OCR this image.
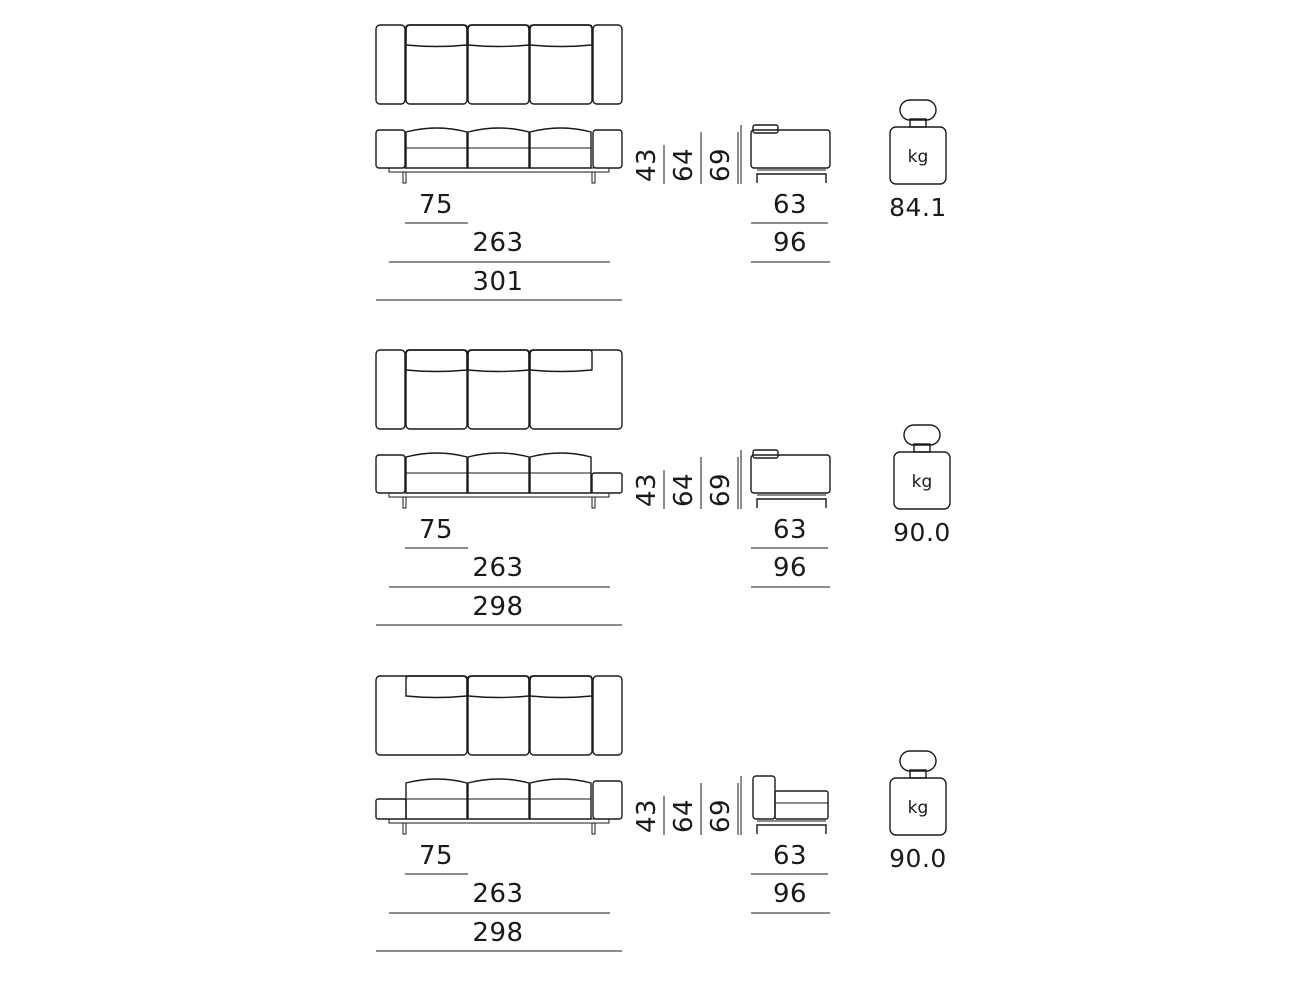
43 64 69
75
263
301
63
96
kg
84.1
43 64 69
75
263
298
63
96
kg
90.0
43 64 69
75
263
298
63
96
kg
90.0
